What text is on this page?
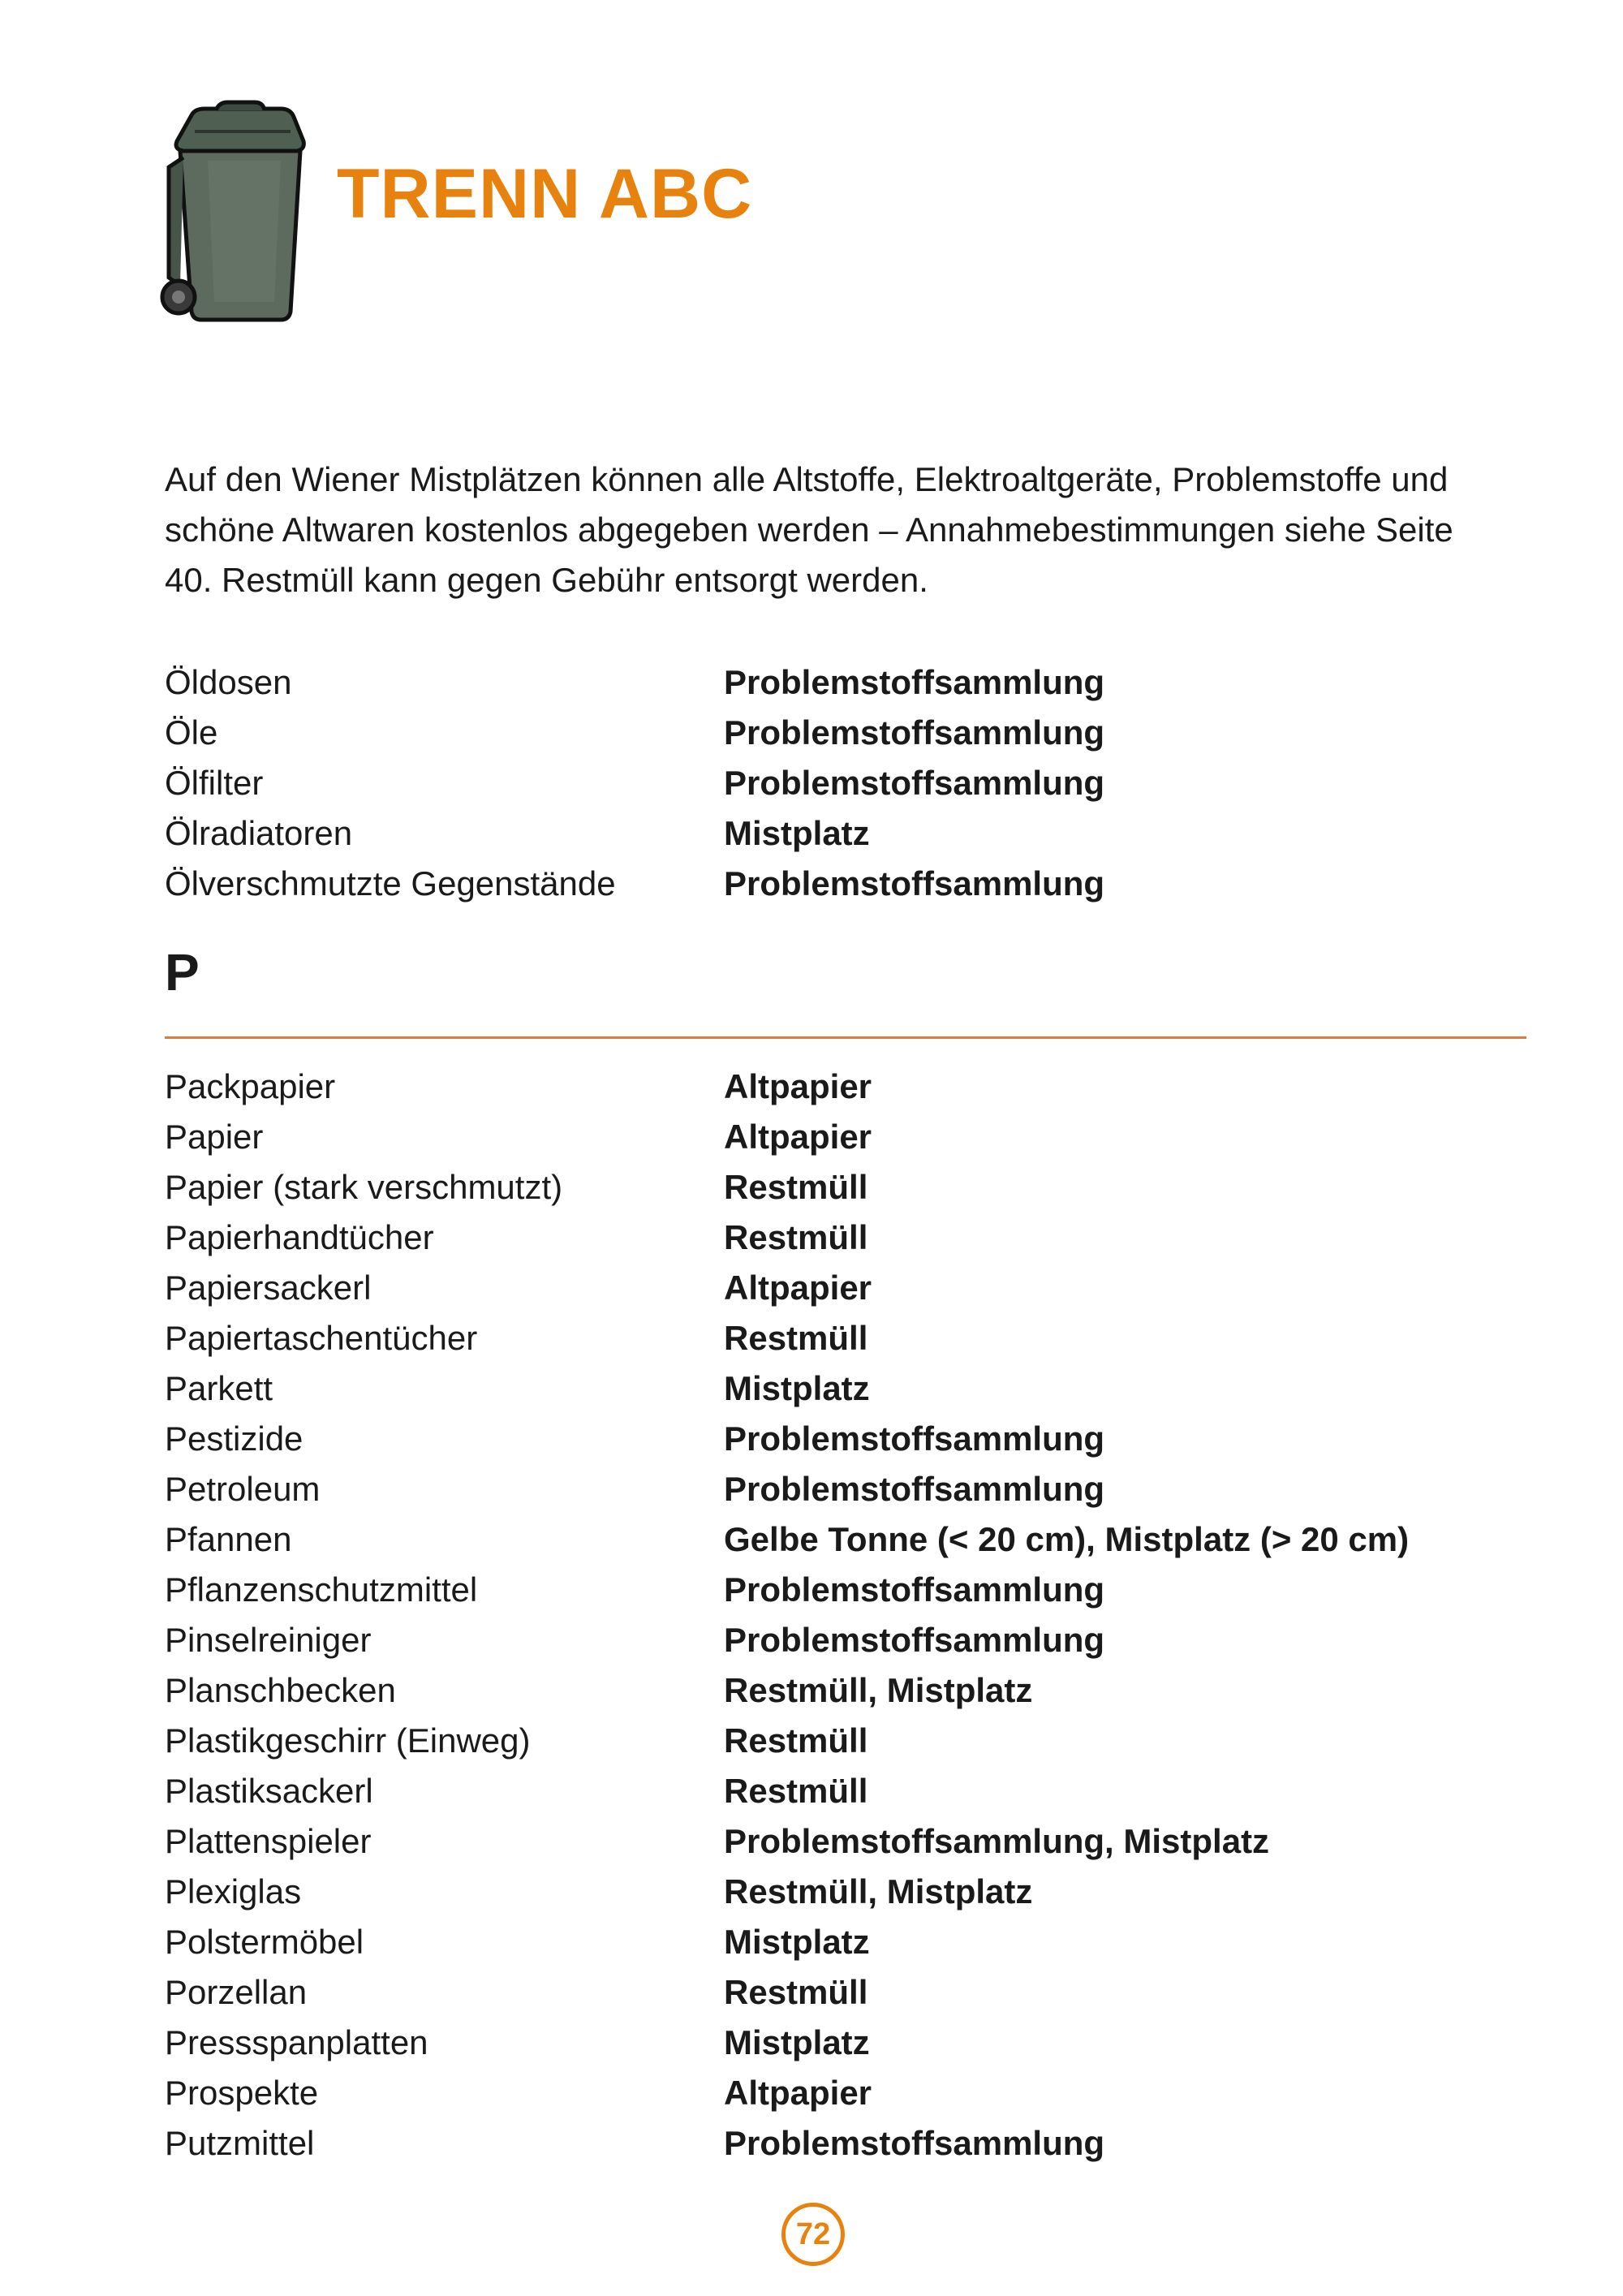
TRENN ABC

Auf den Wiener Mistplätzen können alle Altstoffe, Elektroaltgeräte, Problemstoffe und schöne Altwaren kostenlos abgegeben werden – Annahmebestimmungen siehe Seite 40. Restmüll kann gegen Gebühr entsorgt werden.

Öldosen	Problemstoffsammlung
Öle	Problemstoffsammlung
Ölfilter	Problemstoffsammlung
Ölradiatoren	Mistplatz
Ölverschmutzte Gegenstände	Problemstoffsammlung
P
Packpapier	Altpapier
Papier	Altpapier
Papier (stark verschmutzt)	Restmüll
Papierhandtücher	Restmüll
Papiersackerl	Altpapier
Papiertaschentücher	Restmüll
Parkett	Mistplatz
Pestizide	Problemstoffsammlung
Petroleum	Problemstoffsammlung
Pfannen	Gelbe Tonne (< 20 cm), Mistplatz (> 20 cm)
Pflanzenschutzmittel	Problemstoffsammlung
Pinselreiniger	Problemstoffsammlung
Planschbecken	Restmüll, Mistplatz
Plastikgeschirr (Einweg)	Restmüll
Plastiksackerl	Restmüll
Plattenspieler	Problemstoffsammlung, Mistplatz
Plexiglas	Restmüll, Mistplatz
Polstermöbel	Mistplatz
Porzellan	Restmüll
Pressspanplatten	Mistplatz
Prospekte	Altpapier
Putzmittel	Problemstoffsammlung
72
